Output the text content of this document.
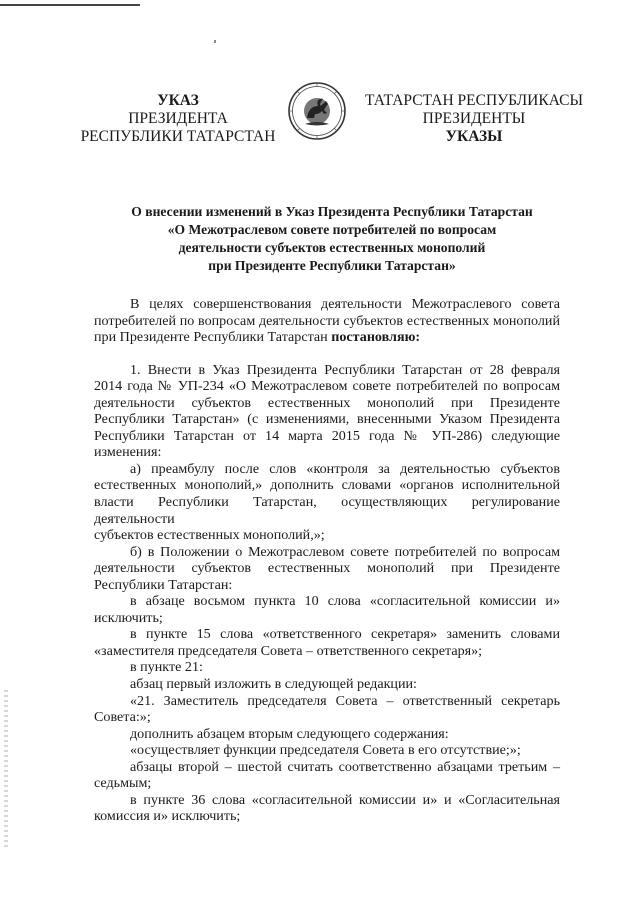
УКАЗ
ПРЕЗИДЕНТА
РЕСПУБЛИКИ ТАТАРСТАН
ТАТАРСТАН РЕСПУБЛИКАСЫ
ПРЕЗИДЕНТЫ
УКАЗЫ
О внесении изменений в Указ Президента Республики Татарстан
«О Межотраслевом совете потребителей по вопросам
деятельности субъектов естественных монополий
при Президенте Республики Татарстан»

В целях совершенствования деятельности Межотраслевого совета

потребителей по вопросам деятельности субъектов естественных монополий

при Президенте Республики Татарстан постановляю:

1. Внести в Указ Президента Республики Татарстан от 28 февраля

2014 года № УП-234 «О Межотраслевом совете потребителей по вопросам

деятельности субъектов естественных монополий при Президенте

Республики Татарстан» (с изменениями, внесенными Указом Президента

Республики Татарстан от 14 марта 2015 года № УП-286) следующие

изменения:

а) преамбулу после слов «контроля за деятельностью субъектов

естественных монополий,» дополнить словами «органов исполнительной

власти Республики Татарстан, осуществляющих регулирование деятельности

субъектов естественных монополий,»;

б) в Положении о Межотраслевом совете потребителей по вопросам

деятельности субъектов естественных монополий при Президенте

Республики Татарстан:

в абзаце восьмом пункта 10 слова «согласительной комиссии и»

исключить;

в пункте 15 слова «ответственного секретаря» заменить словами

«заместителя председателя Совета – ответственного секретаря»;

в пункте 21:

абзац первый изложить в следующей редакции:

«21. Заместитель председателя Совета – ответственный секретарь

Совета:»;

дополнить абзацем вторым следующего содержания:

«осуществляет функции председателя Совета в его отсутствие;»;

абзацы второй – шестой считать соответственно абзацами третьим –

седьмым;

в пункте 36 слова «согласительной комиссии и» и «Согласительная

комиссия и» исключить;
